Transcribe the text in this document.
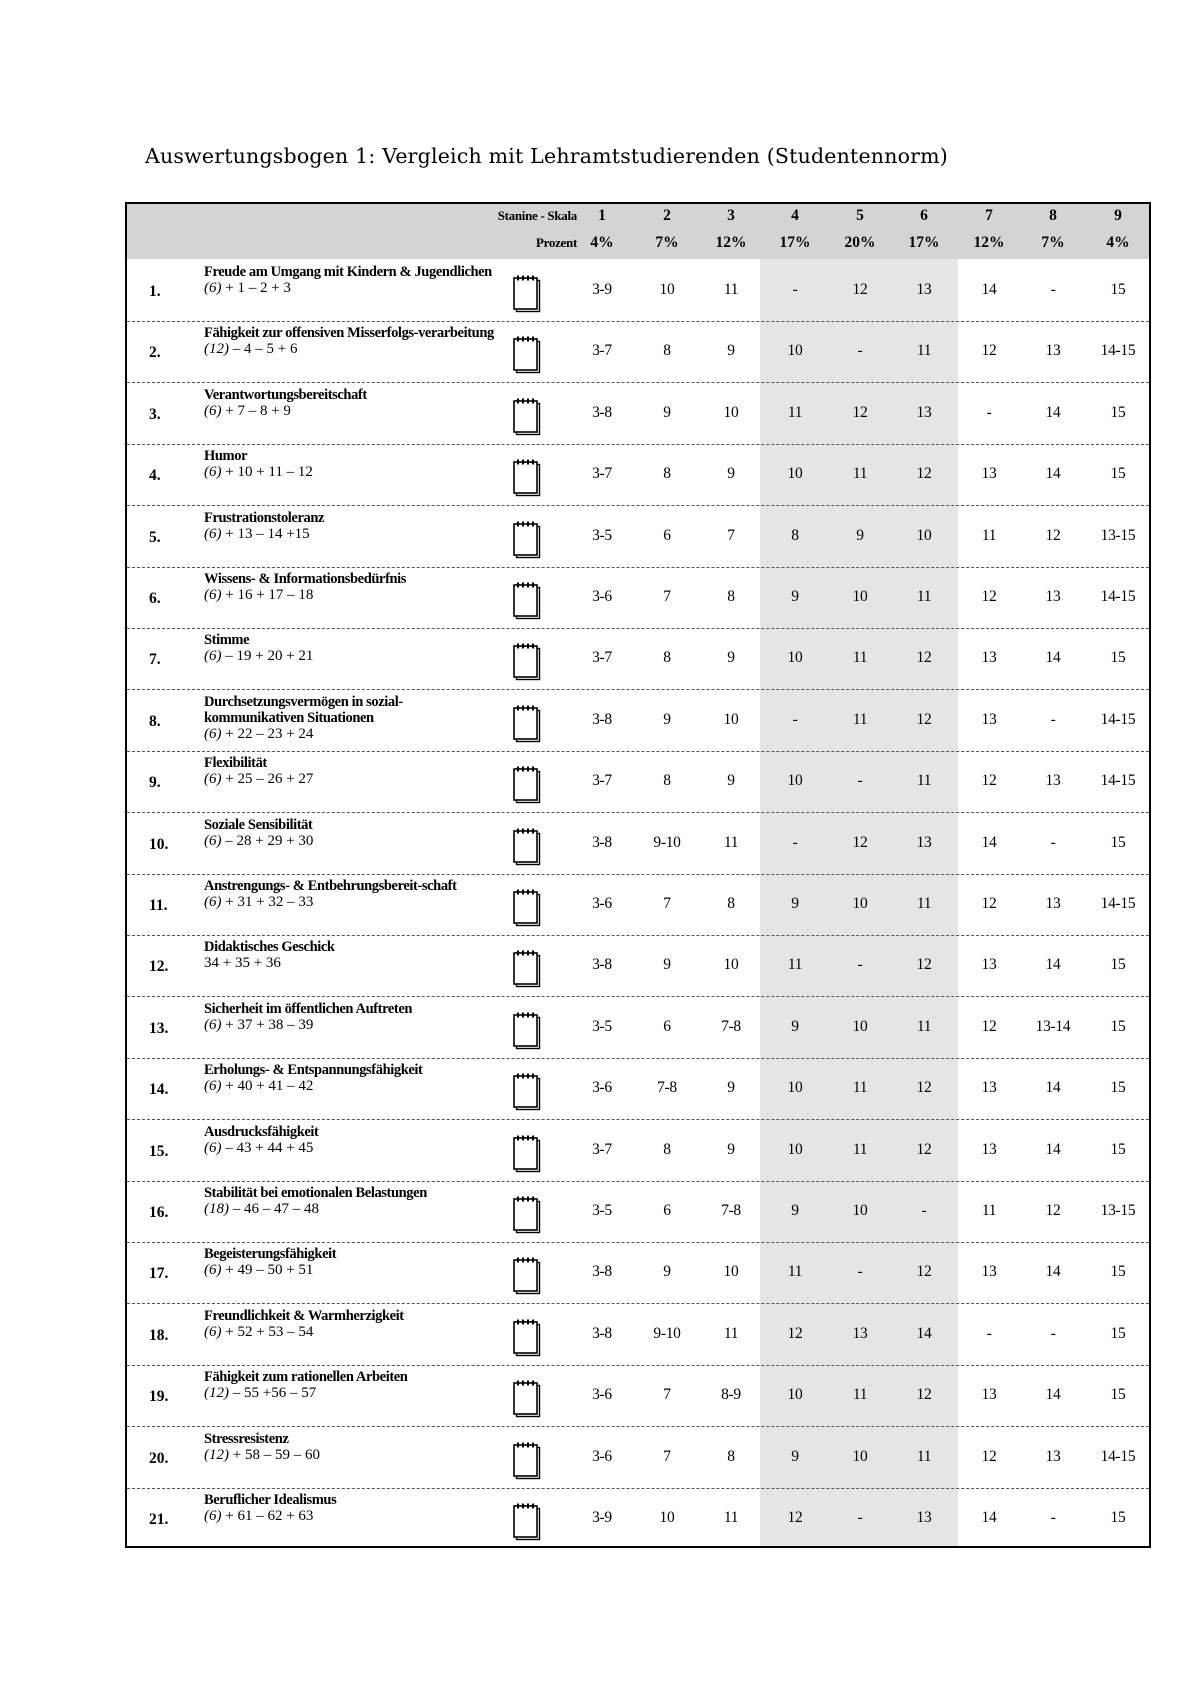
Auswertungsbogen 1: Vergleich mit Lehramtstudierenden (Studentennorm)
Stanine - Skala	1	2	3	4	5	6	7	8	9
Prozent 4%	7%	12%	17%	20%	17%	12%	7%	4%
1.
Freude am Umgang mit Kindern & Jugendlichen
(6) + 1 – 2 + 3	3-9	10	11	-	12	13	14	-	15
2.
Fähigkeit zur offensiven Misserfolgs-verarbeitung
(12) – 4 – 5 + 6	3-7	8	9	10	-	11	12	13	14-15
3.
Verantwortungsbereitschaft
(6) + 7 – 8 + 9	3-8	9	10	11	12	13	-	14	15
4.
Humor
(6) + 10 + 11 – 12	3-7	8	9	10	11	12	13	14	15
5.
Frustrationstoleranz
(6) + 13 – 14 +15	3-5	6	7	8	9	10	11	12	13-15
6.
Wissens- & Informationsbedürfnis
(6) + 16 + 17 – 18	3-6	7	8	9	10	11	12	13	14-15
7.
Stimme
(6) – 19 + 20 + 21	3-7	8	9	10	11	12	13	14	15
8.
Durchsetzungsvermögen in sozial-kommunikativen Situationen
(6) + 22 – 23 + 24
3-8	9	10	-	11	12	13	-	14-15
9.
Flexibilität
(6) + 25 – 26 + 27	3-7	8	9	10	-	11	12	13	14-15
10.
Soziale Sensibilität
(6) – 28 + 29 + 30	3-8	9-10	11	-	12	13	14	-	15
11.
Anstrengungs- & Entbehrungsbereit-schaft
(6) + 31 + 32 – 33	3-6	7	8	9	10	11	12	13	14-15
12.
Didaktisches Geschick
34 + 35 + 36	3-8	9	10	11	-	12	13	14	15
13.
Sicherheit im öffentlichen Auftreten
(6) + 37 + 38 – 39	3-5	6	7-8	9	10	11	12	13-14	15
14.
Erholungs- & Entspannungsfähigkeit
(6) + 40 + 41 – 42	3-6	7-8	9	10	11	12	13	14	15
15.
Ausdrucksfähigkeit
(6) – 43 + 44 + 45	3-7	8	9	10	11	12	13	14	15
16.
Stabilität bei emotionalen Belastungen
(18) – 46 – 47 – 48	3-5	6	7-8	9	10	-	11	12	13-15
17.
Begeisterungsfähigkeit
(6) + 49 – 50 + 51	3-8	9	10	11	-	12	13	14	15
18.
Freundlichkeit & Warmherzigkeit
(6) + 52 + 53 – 54	3-8	9-10	11	12	13	14	-	-	15
19.
Fähigkeit zum rationellen Arbeiten
(12) – 55 +56 – 57	3-6	7	8-9	10	11	12	13	14	15
20.
Stressresistenz
(12) + 58 – 59 – 60	3-6	7	8	9	10	11	12	13	14-15
21.
Beruflicher Idealismus
(6) + 61 – 62 + 63	3-9	10	11	12	-	13	14	-	15
